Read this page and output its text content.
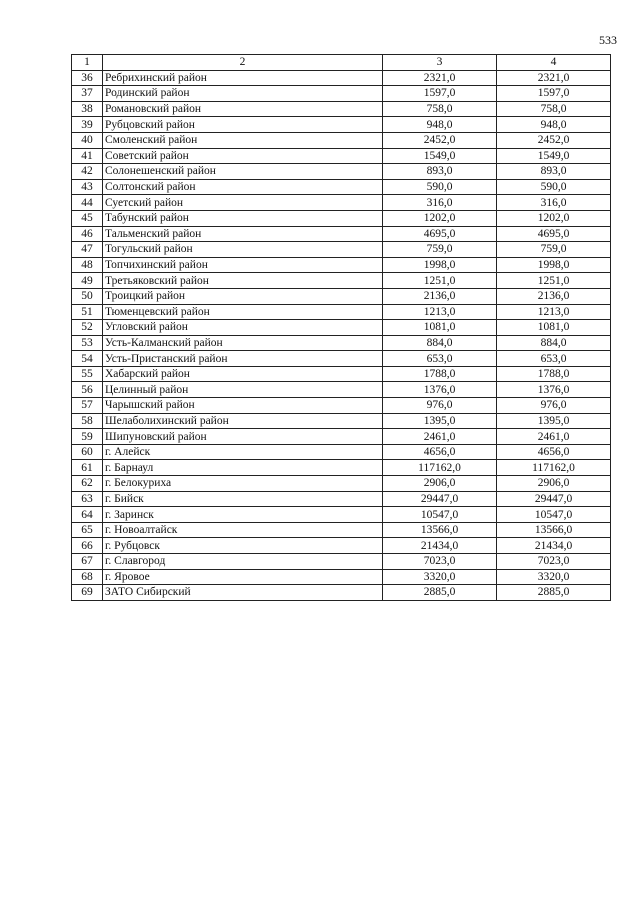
533
1	2	3	4
36	Ребрихинский район	2321,0	2321,0
37	Родинский район	1597,0	1597,0
38	Романовский район	758,0	758,0
39	Рубцовский район	948,0	948,0
40	Смоленский район	2452,0	2452,0
41	Советский район	1549,0	1549,0
42	Солонешенский район	893,0	893,0
43	Солтонский район	590,0	590,0
44	Суетский район	316,0	316,0
45	Табунский район	1202,0	1202,0
46	Тальменский район	4695,0	4695,0
47	Тогульский район	759,0	759,0
48	Топчихинский район	1998,0	1998,0
49	Третьяковский район	1251,0	1251,0
50	Троицкий район	2136,0	2136,0
51	Тюменцевский район	1213,0	1213,0
52	Угловский район	1081,0	1081,0
53	Усть-Калманский район	884,0	884,0
54	Усть-Пристанский район	653,0	653,0
55	Хабарский район	1788,0	1788,0
56	Целинный район	1376,0	1376,0
57	Чарышский район	976,0	976,0
58	Шелаболихинский район	1395,0	1395,0
59	Шипуновский район	2461,0	2461,0
60	г. Алейск	4656,0	4656,0
61	г. Барнаул	117162,0	117162,0
62	г. Белокуриха	2906,0	2906,0
63	г. Бийск	29447,0	29447,0
64	г. Заринск	10547,0	10547,0
65	г. Новоалтайск	13566,0	13566,0
66	г. Рубцовск	21434,0	21434,0
67	г. Славгород	7023,0	7023,0
68	г. Яровое	3320,0	3320,0
69	ЗАТО Сибирский	2885,0	2885,0
